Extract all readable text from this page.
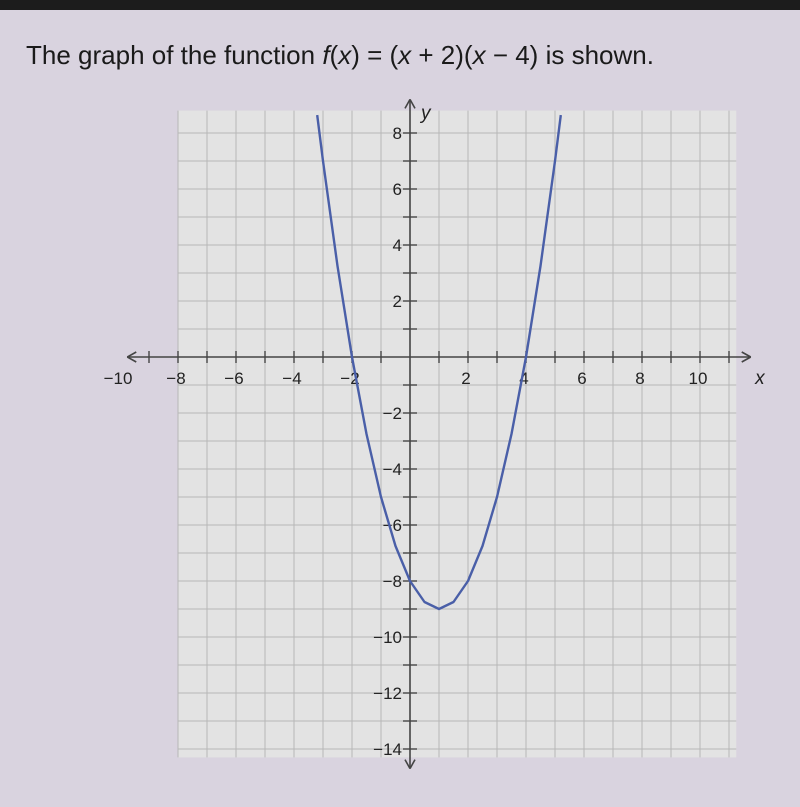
The graph of the function f(x) = (x + 2)(x − 4) is shown.
−10 −8 −6 −4 −2	2	4	6	8	10
8
6
4
2
−2
−4
−6
−8
−10
−12
−14
x
y
